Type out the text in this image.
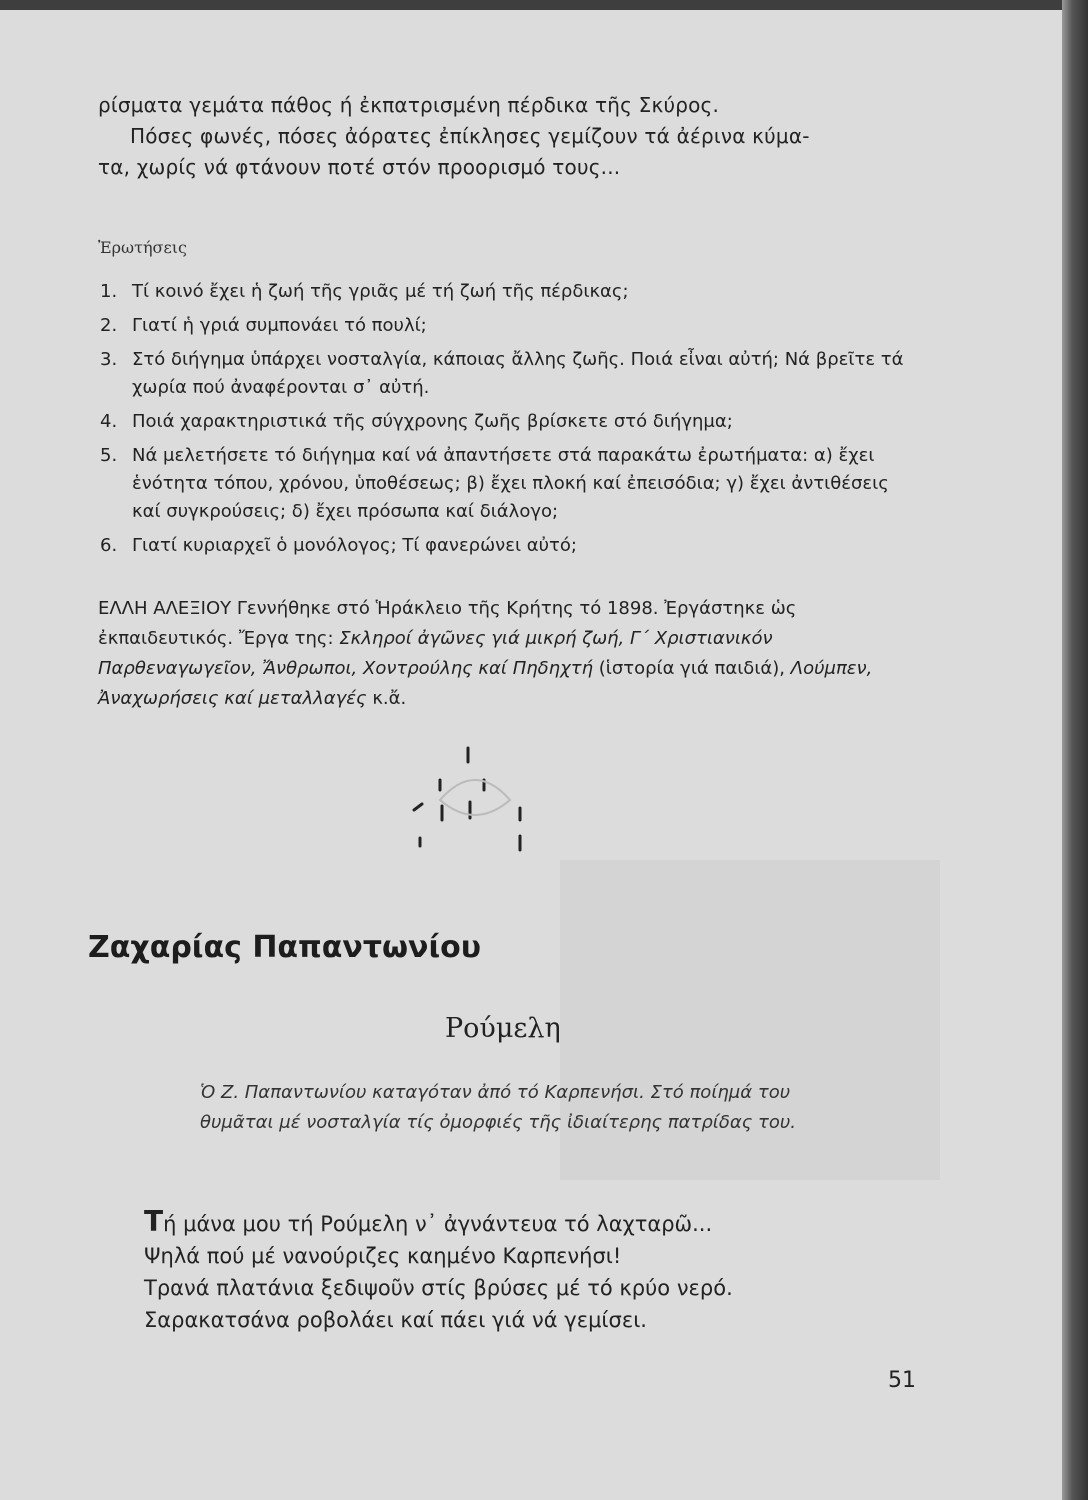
ρίσματα γεμάτα πάθος ή ἐκπατρισμένη πέρδικα τῆς Σκύρος.
Πόσες φωνές, πόσες ἀόρατες ἐπίκλησες γεμίζουν τά ἀέρινα κύμα-
τα, χωρίς νά φτάνουν ποτέ στόν προορισμό τους...
Ἐρωτήσεις
1. Τί κοινό ἔχει ἡ ζωή τῆς γριᾶς μέ τή ζωή τῆς πέρδικας;
2. Γιατί ἡ γριά συμπονάει τό πουλί;
3. Στό διήγημα ὑπάρχει νοσταλγία, κάποιας ἄλλης ζωῆς. Ποιά εἶναι αὐτή; Νά βρεῖτε τά χωρία πού ἀναφέρονται σ᾽ αὐτή.
4. Ποιά χαρακτηριστικά τῆς σύγχρονης ζωῆς βρίσκετε στό διήγημα;
5. Νά μελετήσετε τό διήγημα καί νά ἀπαντήσετε στά παρακάτω ἐρωτήματα: α) ἔχει ἑνότητα τόπου, χρόνου, ὑποθέσεως; β) ἔχει πλοκή καί ἐπεισόδια; γ) ἔχει ἀντιθέσεις καί συγκρούσεις; δ) ἔχει πρόσωπα καί διάλογο;
6. Γιατί κυριαρχεῖ ὁ μονόλογος; Τί φανερώνει αὐτό;
ΕΛΛΗ ΑΛΕΞΙΟΥ Γεννήθηκε στό Ἡράκλειο τῆς Κρήτης τό 1898. Ἐργάστηκε ὡς ἐκπαιδευτικός. Ἔργα της: Σκληροί ἀγῶνες γιά μικρή ζωή, Γ΄ Χριστιανικόν Παρθεναγωγεῖον, Ἄνθρωποι, Χοντρούλης καί Πηδηχτή (ἱστορία γιά παιδιά), Λούμπεν, Ἀναχωρήσεις καί μεταλλαγές κ.ἄ.
Ζαχαρίας Παπαντωνίου
Ρούμελη
Ὁ Ζ. Παπαντωνίου καταγόταν ἀπό τό Καρπενήσι. Στό ποίημά του
θυμᾶται μέ νοσταλγία τίς ὀμορφιές τῆς ἰδιαίτερης πατρίδας του.
Τή μάνα μου τή Ρούμελη ν᾽ ἀγνάντευα τό λαχταρῶ...
Ψηλά πού μέ νανούριζες καημένο Καρπενήσι!
Τρανά πλατάνια ξεδιψοῦν στίς βρύσες μέ τό κρύο νερό.
Σαρακατσάνα ροβολάει καί πάει γιά νά γεμίσει.
51
